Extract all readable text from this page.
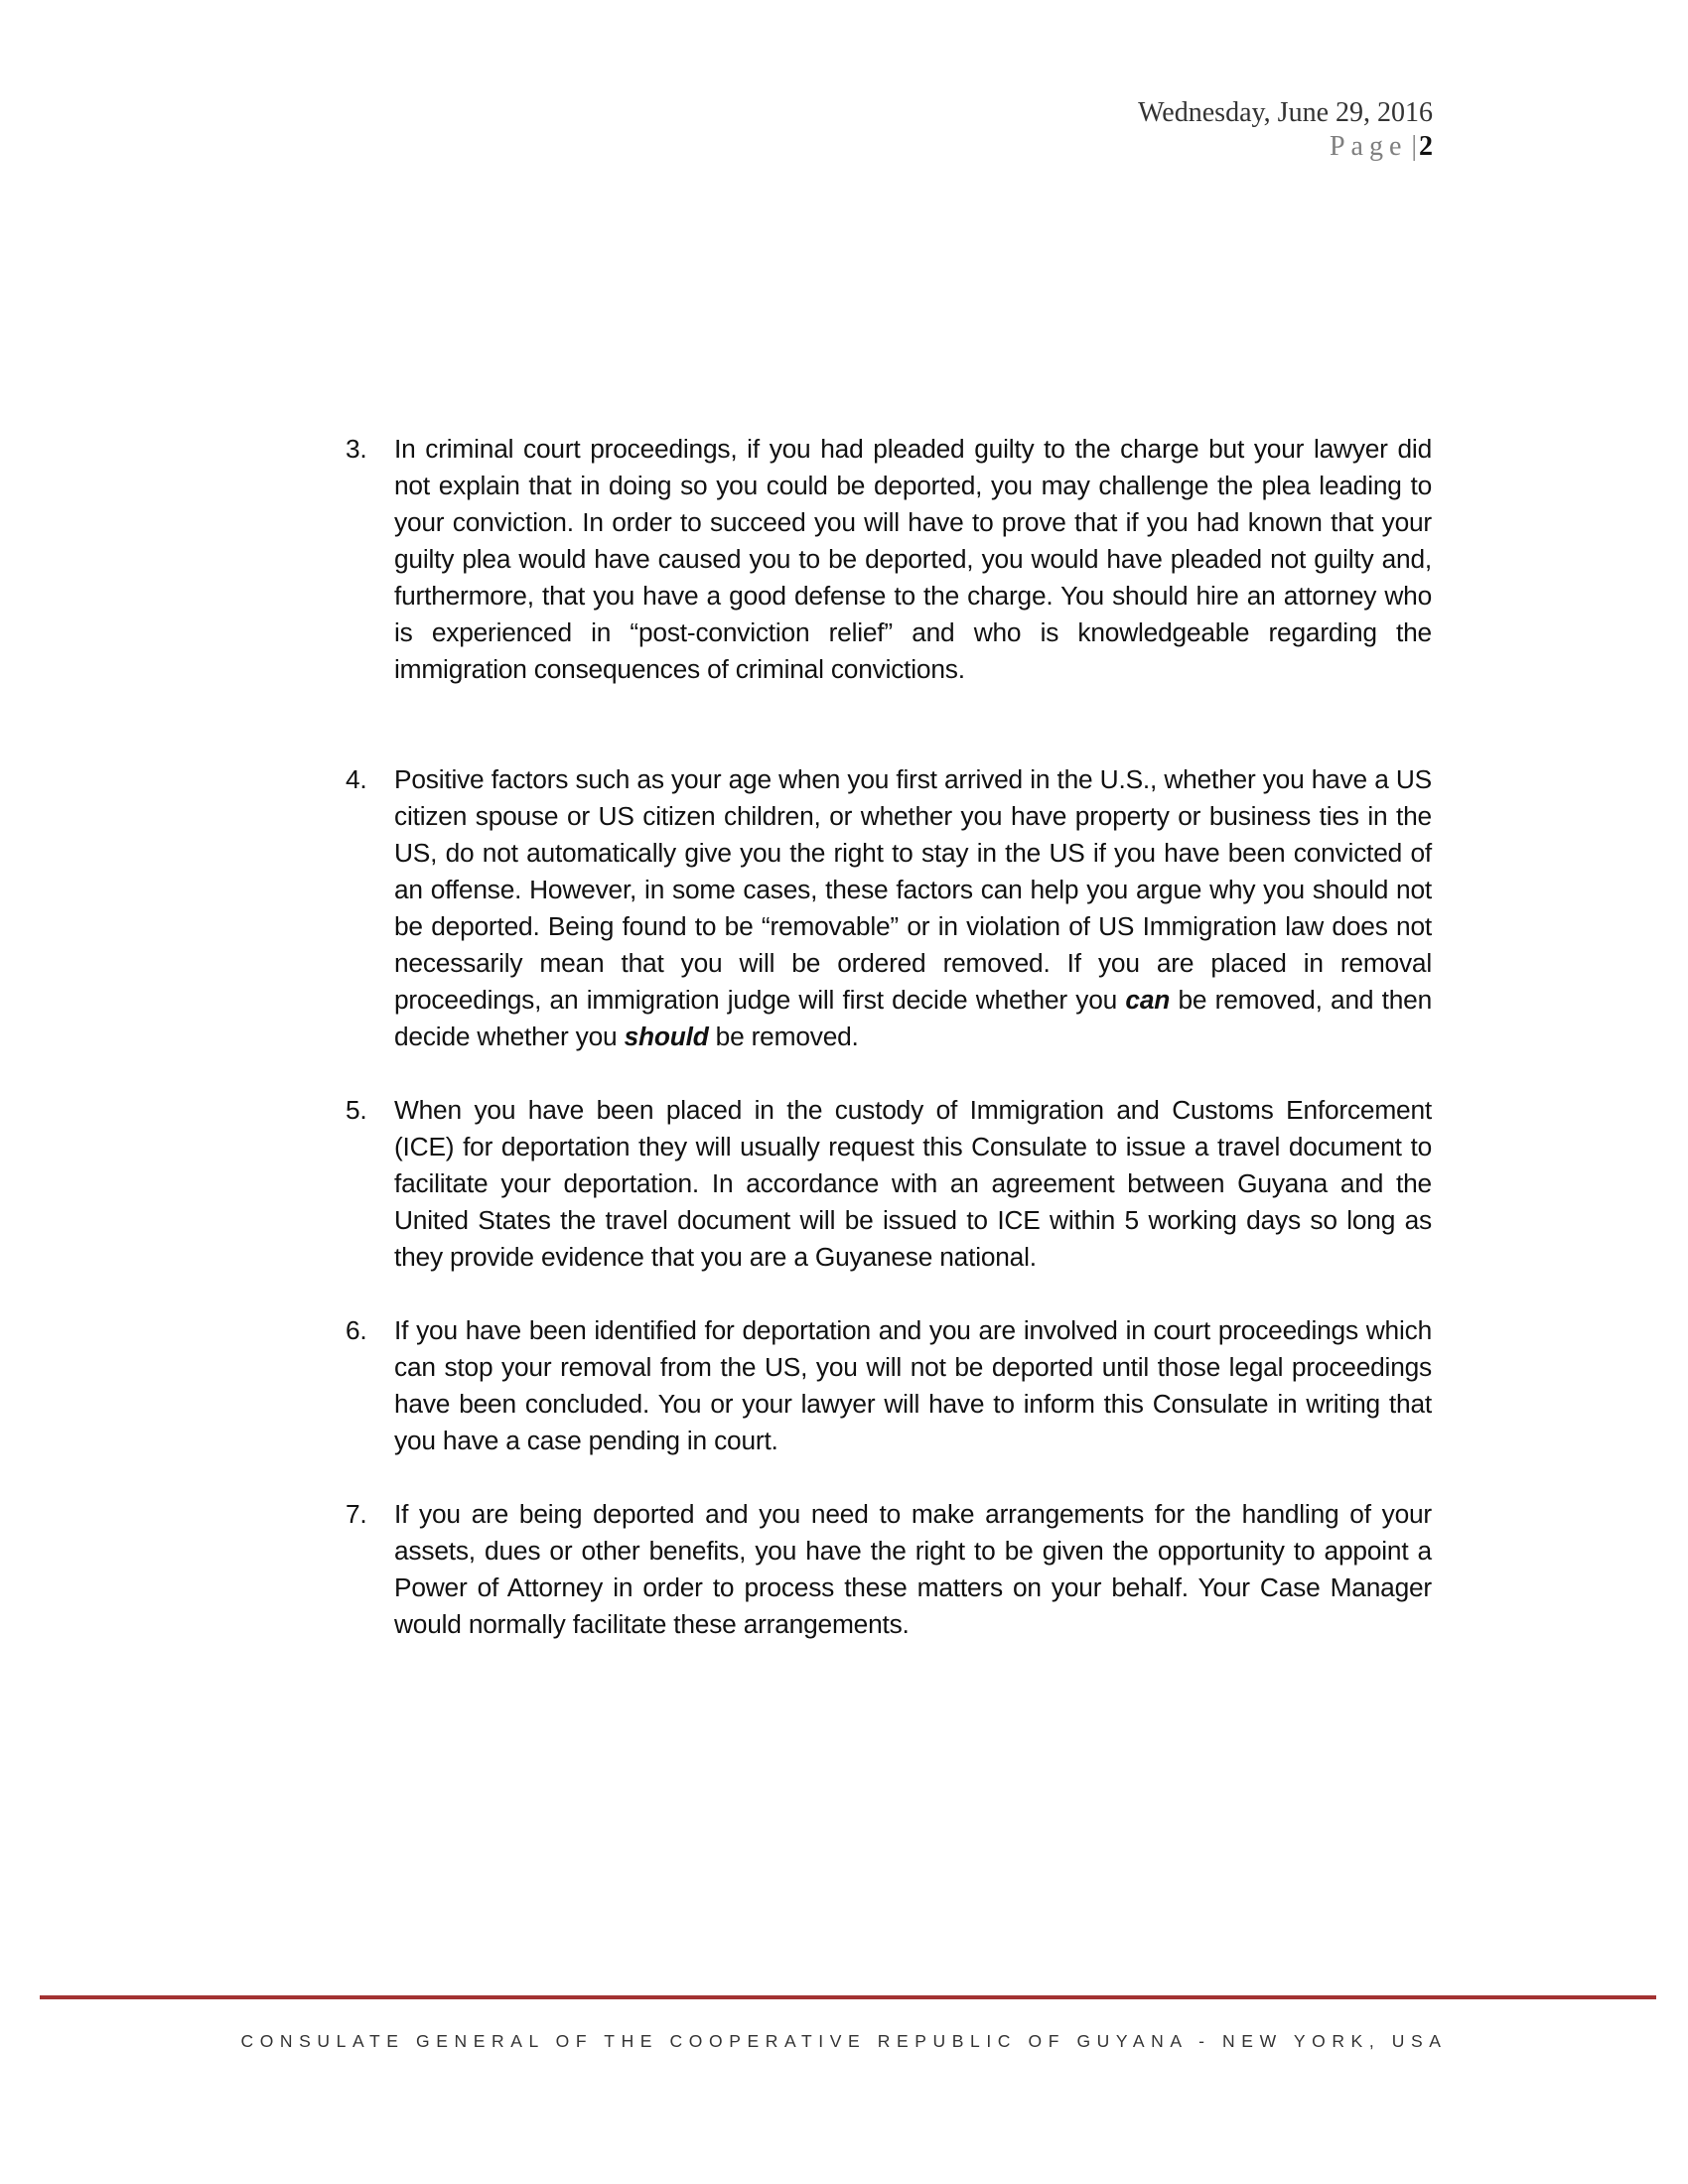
Wednesday, June 29, 2016
Page |2
3. In criminal court proceedings, if you had pleaded guilty to the charge but your lawyer did not explain that in doing so you could be deported, you may challenge the plea leading to your conviction. In order to succeed you will have to prove that if you had known that your guilty plea would have caused you to be deported, you would have pleaded not guilty and, furthermore, that you have a good defense to the charge. You should hire an attorney who is experienced in “post-conviction relief” and who is knowledgeable regarding the immigration consequences of criminal convictions.
4. Positive factors such as your age when you first arrived in the U.S., whether you have a US citizen spouse or US citizen children, or whether you have property or business ties in the US, do not automatically give you the right to stay in the US if you have been convicted of an offense. However, in some cases, these factors can help you argue why you should not be deported. Being found to be “removable” or in violation of US Immigration law does not necessarily mean that you will be ordered removed. If you are placed in removal proceedings, an immigration judge will first decide whether you can be removed, and then decide whether you should be removed.
5. When you have been placed in the custody of Immigration and Customs Enforcement (ICE) for deportation they will usually request this Consulate to issue a travel document to facilitate your deportation. In accordance with an agreement between Guyana and the United States the travel document will be issued to ICE within 5 working days so long as they provide evidence that you are a Guyanese national.
6. If you have been identified for deportation and you are involved in court proceedings which can stop your removal from the US, you will not be deported until those legal proceedings have been concluded. You or your lawyer will have to inform this Consulate in writing that you have a case pending in court.
7. If you are being deported and you need to make arrangements for the handling of your assets, dues or other benefits, you have the right to be given the opportunity to appoint a Power of Attorney in order to process these matters on your behalf. Your Case Manager would normally facilitate these arrangements.
CONSULATE GENERAL OF THE COOPERATIVE REPUBLIC OF GUYANA - NEW YORK, USA
